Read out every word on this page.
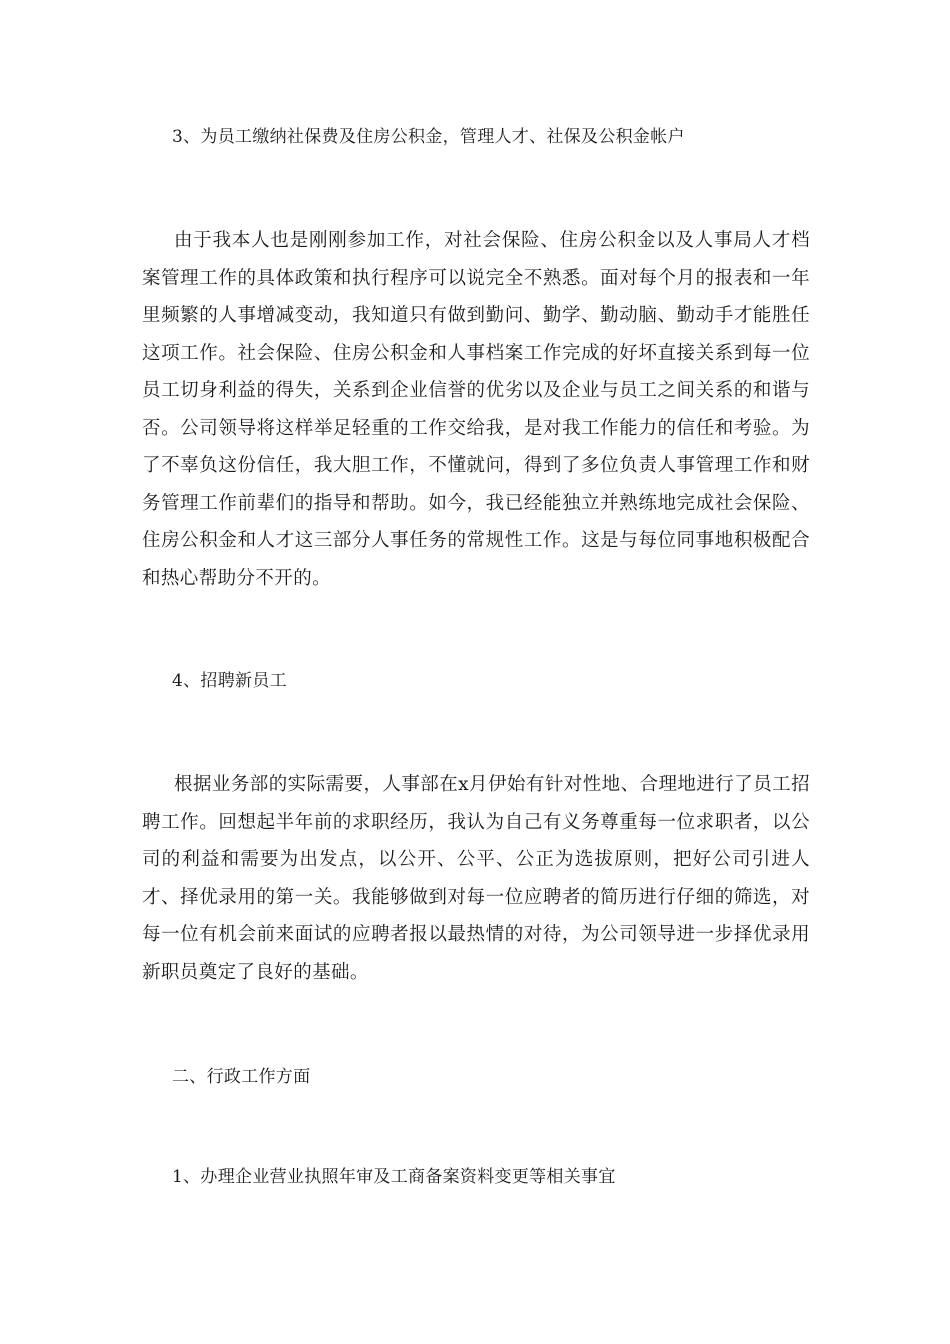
3、为员工缴纳社保费及住房公积金，管理人才、社保及公积金帐户
由于我本人也是刚刚参加工作，对社会保险、住房公积金以及人事局人才档案管理工作的具体政策和执行程序可以说完全不熟悉。面对每个月的报表和一年里频繁的人事增减变动，我知道只有做到勤问、勤学、勤动脑、勤动手才能胜任这项工作。社会保险、住房公积金和人事档案工作完成的好坏直接关系到每一位员工切身利益的得失，关系到企业信誉的优劣以及企业与员工之间关系的和谐与否。公司领导将这样举足轻重的工作交给我，是对我工作能力的信任和考验。为了不辜负这份信任，我大胆工作，不懂就问，得到了多位负责人事管理工作和财务管理工作前辈们的指导和帮助。如今，我已经能独立并熟练地完成社会保险、住房公积金和人才这三部分人事任务的常规性工作。这是与每位同事地积极配合和热心帮助分不开的。
4、招聘新员工
根据业务部的实际需要，人事部在x月伊始有针对性地、合理地进行了员工招聘工作。回想起半年前的求职经历，我认为自己有义务尊重每一位求职者，以公司的利益和需要为出发点，以公开、公平、公正为选拔原则，把好公司引进人才、择优录用的第一关。我能够做到对每一位应聘者的简历进行仔细的筛选，对每一位有机会前来面试的应聘者报以最热情的对待，为公司领导进一步择优录用新职员奠定了良好的基础。
二、行政工作方面
1、办理企业营业执照年审及工商备案资料变更等相关事宜
